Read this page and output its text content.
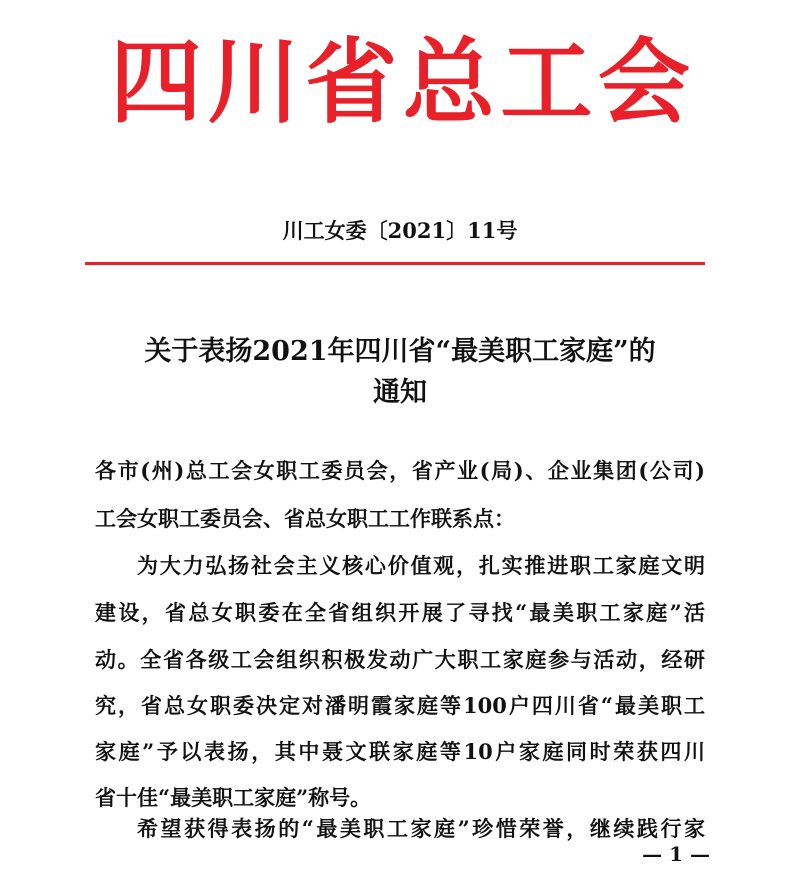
四川省总工会
川工女委〔2021〕11号
关于表扬2021年四川省“最美职工家庭”的
通知
各市(州)总工会女职工委员会，省产业(局)、企业集团(公司)
工会女职工委员会、省总女职工工作联系点：
为大力弘扬社会主义核心价值观，扎实推进职工家庭文明
建设，省总女职委在全省组织开展了寻找“最美职工家庭”活
动。全省各级工会组织积极发动广大职工家庭参与活动，经研
究，省总女职委决定对潘明霞家庭等100户四川省“最美职工
家庭”予以表扬，其中聂文联家庭等10户家庭同时荣获四川
省十佳“最美职工家庭”称号。
希望获得表扬的“最美职工家庭”珍惜荣誉，继续践行家
— 1 —
